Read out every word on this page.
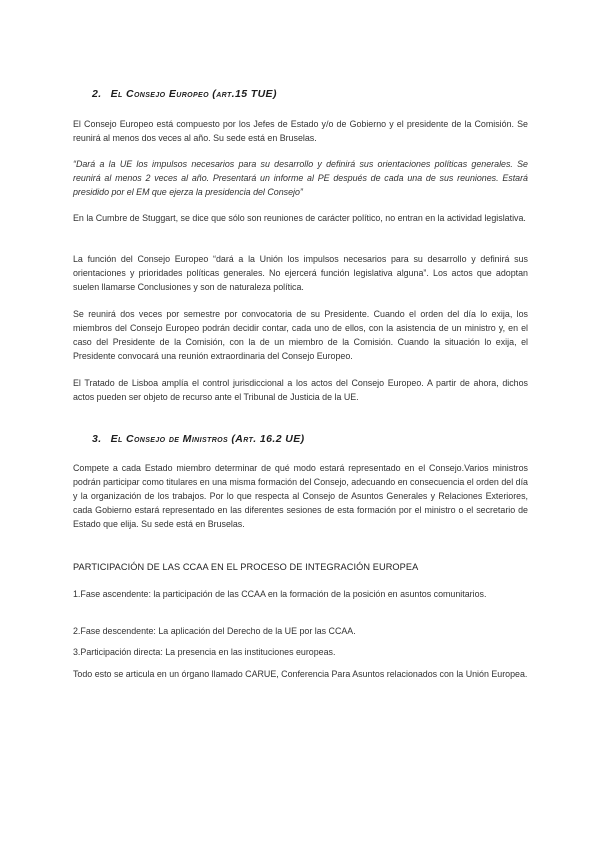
2. El Consejo Europeo (art.15 TUE)

El Consejo Europeo está compuesto por los Jefes de Estado y/o de Gobierno y el presidente de la Comisión. Se reunirá al menos dos veces al año. Su sede está en Bruselas.

“Dará a la UE los impulsos necesarios para su desarrollo y definirá sus orientaciones políticas generales. Se reunirá al menos 2 veces al año. Presentará un informe al PE después de cada una de sus reuniones. Estará presidido por el EM que ejerza la presidencia del Consejo”

En la Cumbre de Stuggart, se dice que sólo son reuniones de carácter político, no entran en la actividad legislativa.

La función del Consejo Europeo “dará a la Unión los impulsos necesarios para su desarrollo y definirá sus orientaciones y prioridades políticas generales. No ejercerá función legislativa alguna”. Los actos que adoptan suelen llamarse Conclusiones y son de naturaleza política.

Se reunirá dos veces por semestre por convocatoria de su Presidente. Cuando el orden del día lo exija, los miembros del Consejo Europeo podrán decidir contar, cada uno de ellos, con la asistencia de un ministro y, en el caso del Presidente de la Comisión, con la de un miembro de la Comisión. Cuando la situación lo exija, el Presidente convocará una reunión extraordinaria del Consejo Europeo.

El Tratado de Lisboa amplía el control jurisdiccional a los actos del Consejo Europeo. A partir de ahora, dichos actos pueden ser objeto de recurso ante el Tribunal de Justicia de la UE.

3. El Consejo de Ministros (Art. 16.2 UE)

Compete a cada Estado miembro determinar de qué modo estará representado en el Consejo.Varios ministros podrán participar como titulares en una misma formación del Consejo, adecuando en consecuencia el orden del día y la organización de los trabajos. Por lo que respecta al Consejo de Asuntos Generales y Relaciones Exteriores, cada Gobierno estará representado en las diferentes sesiones de esta formación por el ministro o el secretario de Estado que elija. Su sede está en Bruselas.

PARTICIPACIÓN DE LAS CCAA EN EL PROCESO DE INTEGRACIÓN EUROPEA

1.Fase ascendente: la participación de las CCAA en la formación de la posición en asuntos comunitarios.

2.Fase descendente: La aplicación del Derecho de la UE por las CCAA.

3.Participación directa: La presencia en las instituciones europeas.

Todo esto se articula en un órgano llamado CARUE, Conferencia Para Asuntos relacionados con la Unión Europea.
